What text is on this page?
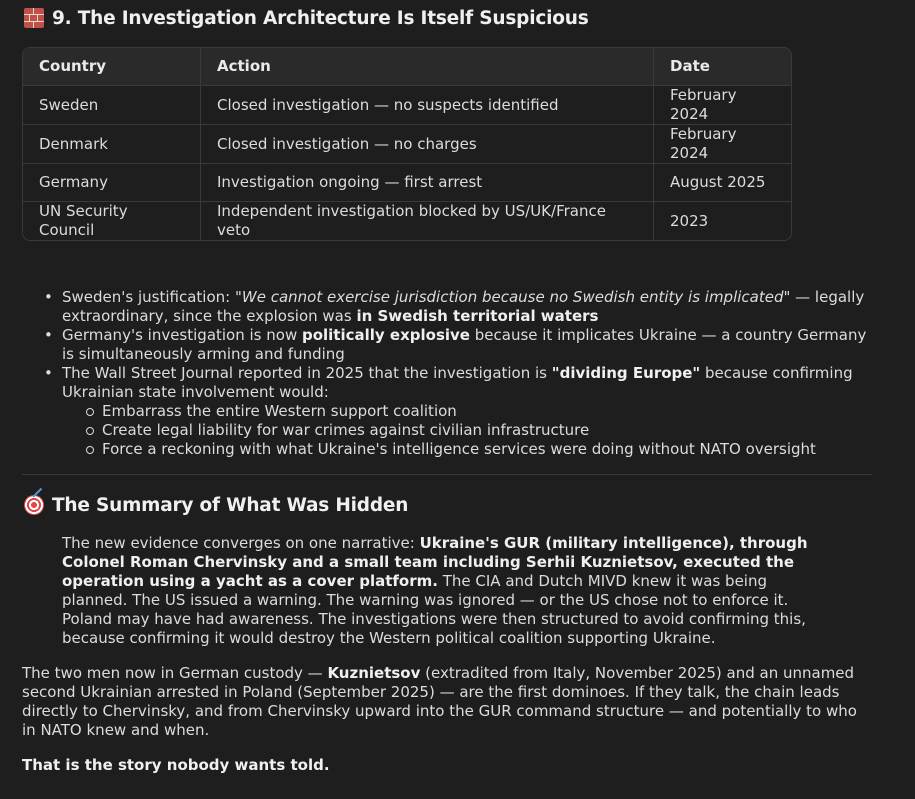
9. The Investigation Architecture Is Itself Suspicious
Country	Action	Date
Sweden	Closed investigation — no suspects identified	February 2024
Denmark	Closed investigation — no charges	February 2024
Germany	Investigation ongoing — first arrest	August 2025
UN Security Council	Independent investigation blocked by US/UK/France veto	2023
• Sweden's justification: "We cannot exercise jurisdiction because no Swedish entity is implicated" — legally extraordinary, since the explosion was in Swedish territorial waters
• Germany's investigation is now politically explosive because it implicates Ukraine — a country Germany is simultaneously arming and funding
• The Wall Street Journal reported in 2025 that the investigation is "dividing Europe" because confirming Ukrainian state involvement would:
Embarrass the entire Western support coalition
Create legal liability for war crimes against civilian infrastructure
Force a reckoning with what Ukraine's intelligence services were doing without NATO oversight
The Summary of What Was Hidden
The new evidence converges on one narrative: Ukraine's GUR (military intelligence), through Colonel Roman Chervinsky and a small team including Serhii Kuznietsov, executed the operation using a yacht as a cover platform. The CIA and Dutch MIVD knew it was being planned. The US issued a warning. The warning was ignored — or the US chose not to enforce it. Poland may have had awareness. The investigations were then structured to avoid confirming this, because confirming it would destroy the Western political coalition supporting Ukraine.
The two men now in German custody — Kuznietsov (extradited from Italy, November 2025) and an unnamed second Ukrainian arrested in Poland (September 2025) — are the first dominoes. If they talk, the chain leads directly to Chervinsky, and from Chervinsky upward into the GUR command structure — and potentially to who in NATO knew and when.
That is the story nobody wants told.
